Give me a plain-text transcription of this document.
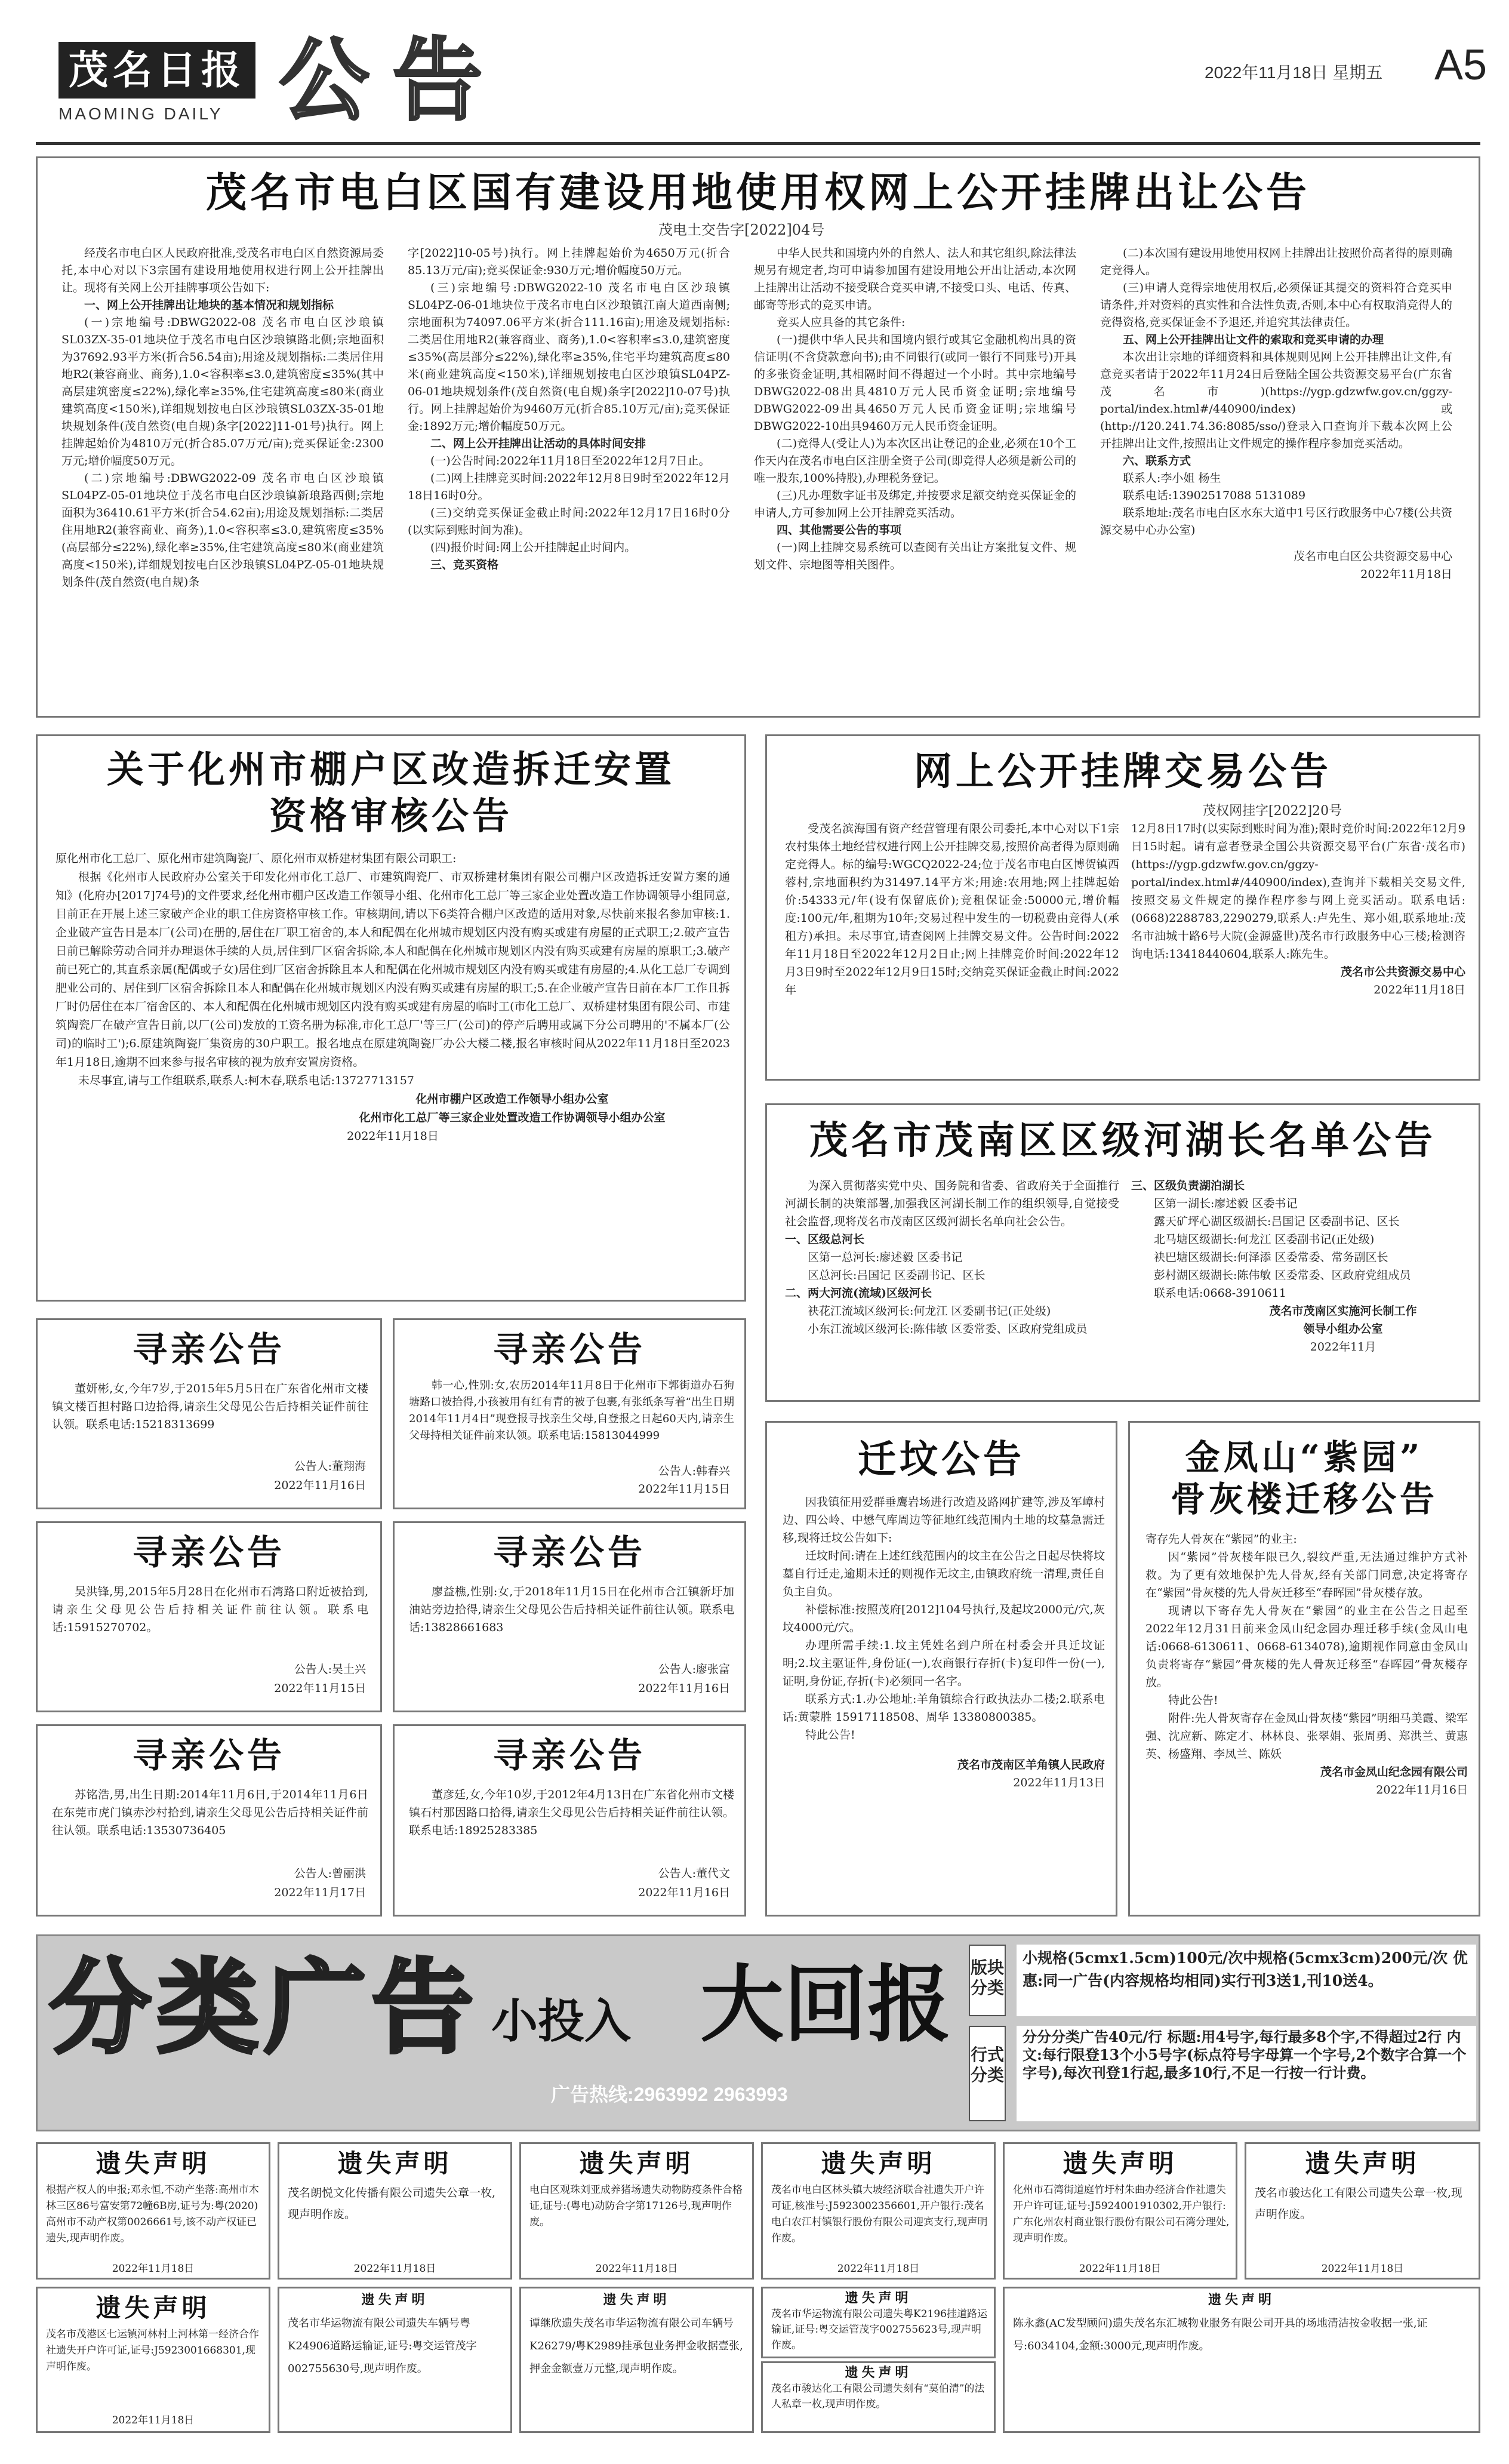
茂名日报
MAOMING DAILY 公告	2022年11月18日 星期五 A5
茂名市电白区国有建设用地使用权网上公开挂牌出让公告
茂电土交告字[2022]04号

经茂名市电白区人民政府批准,受茂名市电白区自然资源局委托,本中心对以下3宗国有建设用地使用权进行网上公开挂牌出让。现将有关网上公开挂牌事项公告如下:

一、网上公开挂牌出让地块的基本情况和规划指标

(一)宗地编号:DBWG2022-08 茂名市电白区沙琅镇SL03ZX-35-01地块位于茂名市电白区沙琅镇路北侧;宗地面积为37692.93平方米(折合56.54亩);用途及规划指标:二类居住用地R2(兼容商业、商务),1.0<容积率≤3.0,建筑密度≤35%(其中高层建筑密度≤22%),绿化率≥35%,住宅建筑高度≤80米(商业建筑高度<150米),详细规划按电白区沙琅镇SL03ZX-35-01地块规划条件(茂自然资(电自规)条字[2022]11-01号)执行。网上挂牌起始价为4810万元(折合85.07万元/亩);竞买保证金:2300万元;增价幅度50万元。

(二)宗地编号:DBWG2022-09 茂名市电白区沙琅镇SL04PZ-05-01地块位于茂名市电白区沙琅镇新琅路西侧;宗地面积为36410.61平方米(折合54.62亩);用途及规划指标:二类居住用地R2(兼容商业、商务),1.0<容积率≤3.0,建筑密度≤35%(高层部分≤22%),绿化率≥35%,住宅建筑高度≤80米(商业建筑高度<150米),详细规划按电白区沙琅镇SL04PZ-05-01地块规划条件(茂自然资(电自规)条

字[2022]10-05号)执行。网上挂牌起始价为4650万元(折合85.13万元/亩);竞买保证金:930万元;增价幅度50万元。

(三)宗地编号:DBWG2022-10 茂名市电白区沙琅镇SL04PZ-06-01地块位于茂名市电白区沙琅镇江南大道西南侧;宗地面积为74097.06平方米(折合111.16亩);用途及规划指标:二类居住用地R2(兼容商业、商务),1.0<容积率≤3.0,建筑密度≤35%(高层部分≤22%),绿化率≥35%,住宅平均建筑高度≤80米(商业建筑高度<150米),详细规划按电白区沙琅镇SL04PZ-06-01地块规划条件(茂自然资(电自规)条字[2022]10-07号)执行。网上挂牌起始价为9460万元(折合85.10万元/亩);竞买保证金:1892万元;增价幅度50万元。

二、网上公开挂牌出让活动的具体时间安排

(一)公告时间:2022年11月18日至2022年12月7日止。

(二)网上挂牌竞买时间:2022年12月8日9时至2022年12月18日16时0分。

(三)交纳竞买保证金截止时间:2022年12月17日16时0分(以实际到账时间为准)。

(四)报价时间:网上公开挂牌起止时间内。

三、竞买资格

中华人民共和国境内外的自然人、法人和其它组织,除法律法规另有规定者,均可申请参加国有建设用地公开出让活动,本次网上挂牌出让活动不接受联合竞买申请,不接受口头、电话、传真、邮寄等形式的竞买申请。

竞买人应具备的其它条件:

(一)提供中华人民共和国境内银行或其它金融机构出具的资信证明(不含贷款意向书);由不同银行(或同一银行不同账号)开具的多张资金证明,其相隔时间不得超过一个小时。其中宗地编号DBWG2022-08出具4810万元人民币资金证明;宗地编号DBWG2022-09出具4650万元人民币资金证明;宗地编号DBWG2022-10出具9460万元人民币资金证明。

(二)竞得人(受让人)为本次区出让登记的企业,必须在10个工作天内在茂名市电白区注册全资子公司(即竞得人必须是新公司的唯一股东,100%持股),办理税务登记。

(三)凡办理数字证书及绑定,并按要求足额交纳竞买保证金的申请人,方可参加网上公开挂牌竞买活动。

四、其他需要公告的事项

(一)网上挂牌交易系统可以查阅有关出让方案批复文件、规划文件、宗地图等相关图件。

(二)本次国有建设用地使用权网上挂牌出让按照价高者得的原则确定竞得人。

(三)申请人竞得宗地使用权后,必须保证其提交的资料符合竞买申请条件,并对资料的真实性和合法性负责,否则,本中心有权取消竞得人的竞得资格,竞买保证金不予退还,并追究其法律责任。

五、网上公开挂牌出让文件的索取和竞买申请的办理

本次出让宗地的详细资料和具体规则见网上公开挂牌出让文件,有意竞买者请于2022年11月24日后登陆全国公共资源交易平台(广东省茂名市)(https://ygp.gdzwfw.gov.cn/ggzy-portal/index.html#/440900/index)或(http://120.241.74.36:8085/sso/)登录入口查询并下载本次网上公开挂牌出让文件,按照出让文件规定的操作程序参加竞买活动。

六、联系方式

联系人:李小姐 杨生

联系电话:13902517088 5131089

联系地址:茂名市电白区水东大道中1号区行政服务中心7楼(公共资源交易中心办公室)

茂名市电白区公共资源交易中心
2022年11月18日
关于化州市棚户区改造拆迁安置
资格审核公告

原化州市化工总厂、原化州市建筑陶瓷厂、原化州市双桥建材集团有限公司职工:

根据《化州市人民政府办公室关于印发化州市化工总厂、市建筑陶瓷厂、市双桥建材集团有限公司棚户区改造拆迁安置方案的通知》(化府办[2017]74号)的文件要求,经化州市棚户区改造工作领导小组、化州市化工总厂等三家企业处置改造工作协调领导小组同意,目前正在开展上述三家破产企业的职工住房资格审核工作。审核期间,请以下6类符合棚户区改造的适用对象,尽快前来报名参加审核:1.企业破产宣告日是本厂(公司)在册的,居住在厂职工宿舍的,本人和配偶在化州城市规划区内没有购买或建有房屋的正式职工;2.破产宣告日前已解除劳动合同并办理退休手续的人员,居住到厂区宿舍拆除,本人和配偶在化州城市规划区内没有购买或建有房屋的原职工;3.破产前已死亡的,其直系亲属(配偶或子女)居住到厂区宿舍拆除且本人和配偶在化州城市规划区内没有购买或建有房屋的;4.从化工总厂专调到肥业公司的、居住到厂区宿舍拆除且本人和配偶在化州城市规划区内没有购买或建有房屋的职工;5.在企业破产宣告日前在本厂工作且拆厂时仍居住在本厂宿舍区的、本人和配偶在化州城市规划区内没有购买或建有房屋的临时工(市化工总厂、双桥建材集团有限公司、市建筑陶瓷厂在破产宣告日前,以厂(公司)发放的工资名册为标准,市化工总厂'等三厂(公司)的停产后聘用或属下分公司聘用的'不属本厂(公司)的临时工');6.原建筑陶瓷厂集资房的30户职工。报名地点在原建筑陶瓷厂办公大楼二楼,报名审核时间从2022年11月18日至2023年1月18日,逾期不回来参与报名审核的视为放弃安置房资格。

未尽事宜,请与工作组联系,联系人:柯木春,联系电话:13727713157

化州市棚户区改造工作领导小组办公室
化州市化工总厂等三家企业处置改造工作协调领导小组办公室
2022年11月18日
网上公开挂牌交易公告
茂权网挂字[2022]20号

受茂名滨海国有资产经营管理有限公司委托,本中心对以下1宗农村集体土地经营权进行网上公开挂牌交易,按照价高者得为原则确定竞得人。标的编号:WGCQ2022-24;位于茂名市电白区博贺镇西蓉村,宗地面积约为31497.14平方米;用途:农用地;网上挂牌起始价:54333元/年(设有保留底价);竞租保证金:50000元,增价幅度:100元/年,租期为10年;交易过程中发生的一切税费由竞得人(承租方)承担。未尽事宜,请查阅网上挂牌交易文件。公告时间:2022年11月18日至2022年12月2日止;网上挂牌竞价时间:2022年12月3日9时至2022年12月9日15时;交纳竞买保证金截止时间:2022年

12月8日17时(以实际到账时间为准);限时竞价时间:2022年12月9日15时起。请有意者登录全国公共资源交易平台(广东省·茂名市)(https://ygp.gdzwfw.gov.cn/ggzy-portal/index.html#/440900/index),查询并下载相关交易文件,按照交易文件规定的操作程序参与网上竞买活动。联系电话:(0668)2288783,2290279,联系人:卢先生、郑小姐,联系地址:茂名市油城十路6号大院(金源盛世)茂名市行政服务中心三楼;检测咨询电话:13418440604,联系人:陈先生。

茂名市公共资源交易中心
2022年11月18日
茂名市茂南区区级河湖长名单公告

为深入贯彻落实党中央、国务院和省委、省政府关于全面推行河湖长制的决策部署,加强我区河湖长制工作的组织领导,自觉接受社会监督,现将茂名市茂南区区级河湖长名单向社会公告。

一、区级总河长

区第一总河长:廖述毅 区委书记

区总河长:吕国记 区委副书记、区长

二、两大河流(流域)区级河长

袂花江流域区级河长:何龙江 区委副书记(正处级)

小东江流域区级河长:陈伟敏 区委常委、区政府党组成员

三、区级负责湖泊湖长

区第一湖长:廖述毅 区委书记

露天矿坪心湖区级湖长:吕国记 区委副书记、区长

北马塘区级湖长:何龙江 区委副书记(正处级)

袂巴塘区级湖长:何泽添 区委常委、常务副区长

彭村湖区级湖长:陈伟敏 区委常委、区政府党组成员

联系电话:0668-3910611

茂名市茂南区实施河长制工作
领导小组办公室
2022年11月
寻亲公告

董妍彬,女,今年7岁,于2015年5月5日在广东省化州市文楼镇文楼百担村路口边拾得,请亲生父母见公告后持相关证件前往认领。联系电话:15218313699

公告人:董翔海
2022年11月16日
寻亲公告

韩一心,性别:女,农历2014年11月8日于化州市下郭街道办石狗塘路口被拾得,小孩被用有红有青的被子包裹,有张纸条写着“出生日期2014年11月4日”现登报寻找亲生父母,自登报之日起60天内,请亲生父母持相关证件前来认领。联系电话:15813044999

公告人:韩春兴
2022年11月15日
寻亲公告

吴洪锋,男,2015年5月28日在化州市石湾路口附近被拾到,请亲生父母见公告后持相关证件前往认领。联系电话:15915270702。

公告人:吴土兴
2022年11月15日
寻亲公告

廖益樵,性别:女,于2018年11月15日在化州市合江镇新圩加油站旁边拾得,请亲生父母见公告后持相关证件前往认领。联系电话:13828661683

公告人:廖张富
2022年11月16日
寻亲公告

苏铭浩,男,出生日期:2014年11月6日,于2014年11月6日在东莞市虎门镇赤沙村拾到,请亲生父母见公告后持相关证件前往认领。联系电话:13530736405

公告人:曾丽洪
2022年11月17日
寻亲公告

董彦廷,女,今年10岁,于2012年4月13日在广东省化州市文楼镇石村那因路口拾得,请亲生父母见公告后持相关证件前往认领。联系电话:18925283385

公告人:董代文
2022年11月16日
迁坟公告

因我镇征用爱群垂鹰岩场进行改造及路网扩建等,涉及军嶂村边、四公岭、中懋气库周边等征地红线范围内土地的坟墓急需迁移,现将迁坟公告如下:

迁坟时间:请在上述红线范围内的坟主在公告之日起尽快将坟墓自行迁走,逾期未迁的则视作无坟主,由镇政府统一清理,责任自负主自负。

补偿标准:按照茂府[2012]104号执行,及起坟2000元/穴,灰坟4000元/穴。

办理所需手续:1.坟主凭姓名到户所在村委会开具迁坟证明;2.坟主驱证件,身份证(一),农商银行存折(卡)复印件一份(一),证明,身份证,存折(卡)必须同一名字。

联系方式:1.办公地址:羊角镇综合行政执法办二楼;2.联系电话:黄蒙胜 15917118508、周华 13380800385。

特此公告!

茂名市茂南区羊角镇人民政府
2022年11月13日
金凤山“紫园”
骨灰楼迁移公告

寄存先人骨灰在“紫园”的业主:

因“紫园”骨灰楼年限已久,裂纹严重,无法通过维护方式补救。为了更有效地保护先人骨灰,经有关部门同意,决定将寄存在“紫园”骨灰楼的先人骨灰迁移至“春晖园”骨灰楼存放。

现请以下寄存先人骨灰在“紫园”的业主在公告之日起至2022年12月31日前来金凤山纪念园办理迁移手续(金凤山电话:0668-6130611、0668-6134078),逾期视作同意由金凤山负责将寄存“紫园”骨灰楼的先人骨灰迁移至“春晖园”骨灰楼存放。

特此公告!

附件:先人骨灰寄存在金凤山骨灰楼“紫园”明细马美霞、梁军强、沈应新、陈定才、林林良、张翠娟、张周勇、郑洪兰、黄惠英、杨盛翔、李凤兰、陈妖

茂名市金凤山纪念园有限公司
2022年11月16日
分类广告 小投入 大回报
广告热线:2963992 2963993
版块分类
小规格(5cmx1.5cm)100元/次中规格(5cmx3cm)200元/次 优惠:同一广告(内容规格均相同)实行刊3送1,刊10送4。
行式分类
分分分类广告40元/行 标题:用4号字,每行最多8个字,不得超过2行 内文:每行限登13个小5号字(标点符号字母算一个字号,2个数字合算一个字号),每次刊登1行起,最多10行,不足一行按一行计费。
遗失声明
根据产权人的申报;邓永恒,不动产坐落:高州市木林三区86号富安第72幢6B房,证号为:粤(2020)高州市不动产权第0026661号,该不动产权证已遗失,现声明作废。
2022年11月18日
遗失声明
茂名朗悦文化传播有限公司遗失公章一枚,现声明作废。
2022年11月18日
遗失声明
电白区观珠刘亚成养猪场遗失动物防疫条件合格证,证号:(粤电)动防合字第17126号,现声明作废。
2022年11月18日
遗失声明
茂名市电白区林头镇大坡经济联合社遗失开户许可证,核准号:J5923002356601,开户银行:茂名电白农江村镇银行股份有限公司迎宾支行,现声明作废。
2022年11月18日
遗失声明
化州市石湾街道庭竹圩村朱曲办经济合作社遗失开户许可证,证号:J5924001910302,开户银行:广东化州农村商业银行股份有限公司石湾分理处,现声明作废。
2022年11月18日
遗失声明
茂名市骏达化工有限公司遗失公章一枚,现声明作废。
2022年11月18日
遗失声明
茂名市茂港区七运镇河林村上河林第一经济合作社遗失开户许可证,证号:J5923001668301,现声明作废。
2022年11月18日
遗失声明
茂名市华运物流有限公司遗失车辆号粤K24906道路运输证,证号:粤交运管茂字002755630号,现声明作废。
遗失声明
谭继欣遗失茂名市华运物流有限公司车辆号K26279/粤K2989挂承包业务押金收据壹张,押金金额壹万元整,现声明作废。
遗失声明
茂名市华运物流有限公司遗失粤K2196挂道路运输证,证号:粤交运管茂字002755623号,现声明作废。
遗失声明
茂名市骏达化工有限公司遗失刻有“莫伯清”的法人私章一枚,现声明作废。
遗失声明
陈永鑫(AC发型顾问)遗失茂名东汇城物业服务有限公司开具的场地清洁按金收据一张,证号:6034104,金额:3000元,现声明作废。
